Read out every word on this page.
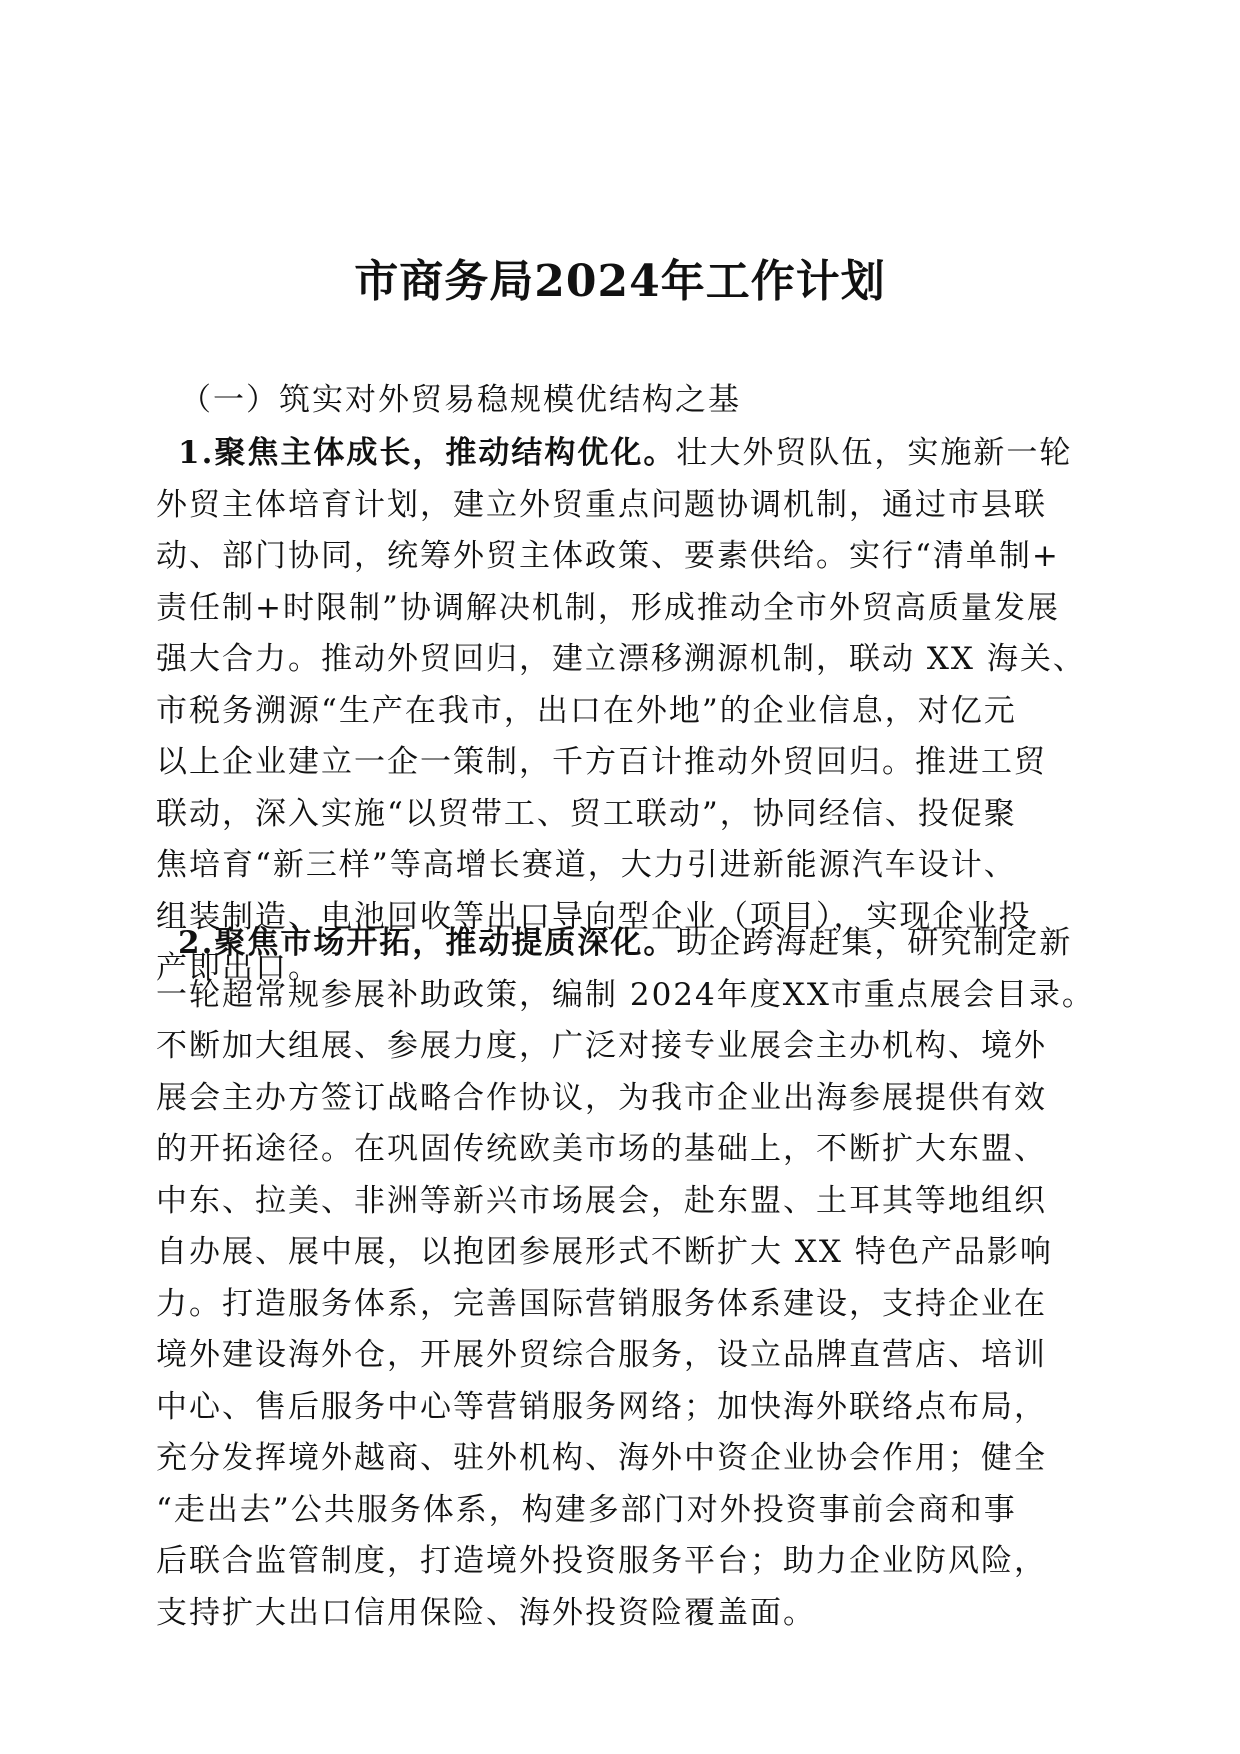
市商务局2024年工作计划
（一）筑实对外贸易稳规模优结构之基
1.聚焦主体成长，推动结构优化。壮大外贸队伍，实施新一轮
外贸主体培育计划，建立外贸重点问题协调机制，通过市县联
动、部门协同，统筹外贸主体政策、要素供给。实行“清单制+
责任制+时限制”协调解决机制，形成推动全市外贸高质量发展
强大合力。推动外贸回归，建立漂移溯源机制，联动 XX 海关、
市税务溯源“生产在我市，出口在外地”的企业信息，对亿元
以上企业建立一企一策制，千方百计推动外贸回归。推进工贸
联动，深入实施“以贸带工、贸工联动”，协同经信、投促聚
焦培育“新三样”等高增长赛道，大力引进新能源汽车设计、
组装制造、电池回收等出口导向型企业（项目），实现企业投
产即出口。
2.聚焦市场开拓，推动提质深化。助企跨海赶集，研究制定新
一轮超常规参展补助政策，编制 2024年度XX市重点展会目录。
不断加大组展、参展力度，广泛对接专业展会主办机构、境外
展会主办方签订战略合作协议，为我市企业出海参展提供有效
的开拓途径。在巩固传统欧美市场的基础上，不断扩大东盟、
中东、拉美、非洲等新兴市场展会，赴东盟、土耳其等地组织
自办展、展中展，以抱团参展形式不断扩大 XX 特色产品影响
力。打造服务体系，完善国际营销服务体系建设，支持企业在
境外建设海外仓，开展外贸综合服务，设立品牌直营店、培训
中心、售后服务中心等营销服务网络；加快海外联络点布局，
充分发挥境外越商、驻外机构、海外中资企业协会作用；健全
“走出去”公共服务体系，构建多部门对外投资事前会商和事
后联合监管制度，打造境外投资服务平台；助力企业防风险，
支持扩大出口信用保险、海外投资险覆盖面。
